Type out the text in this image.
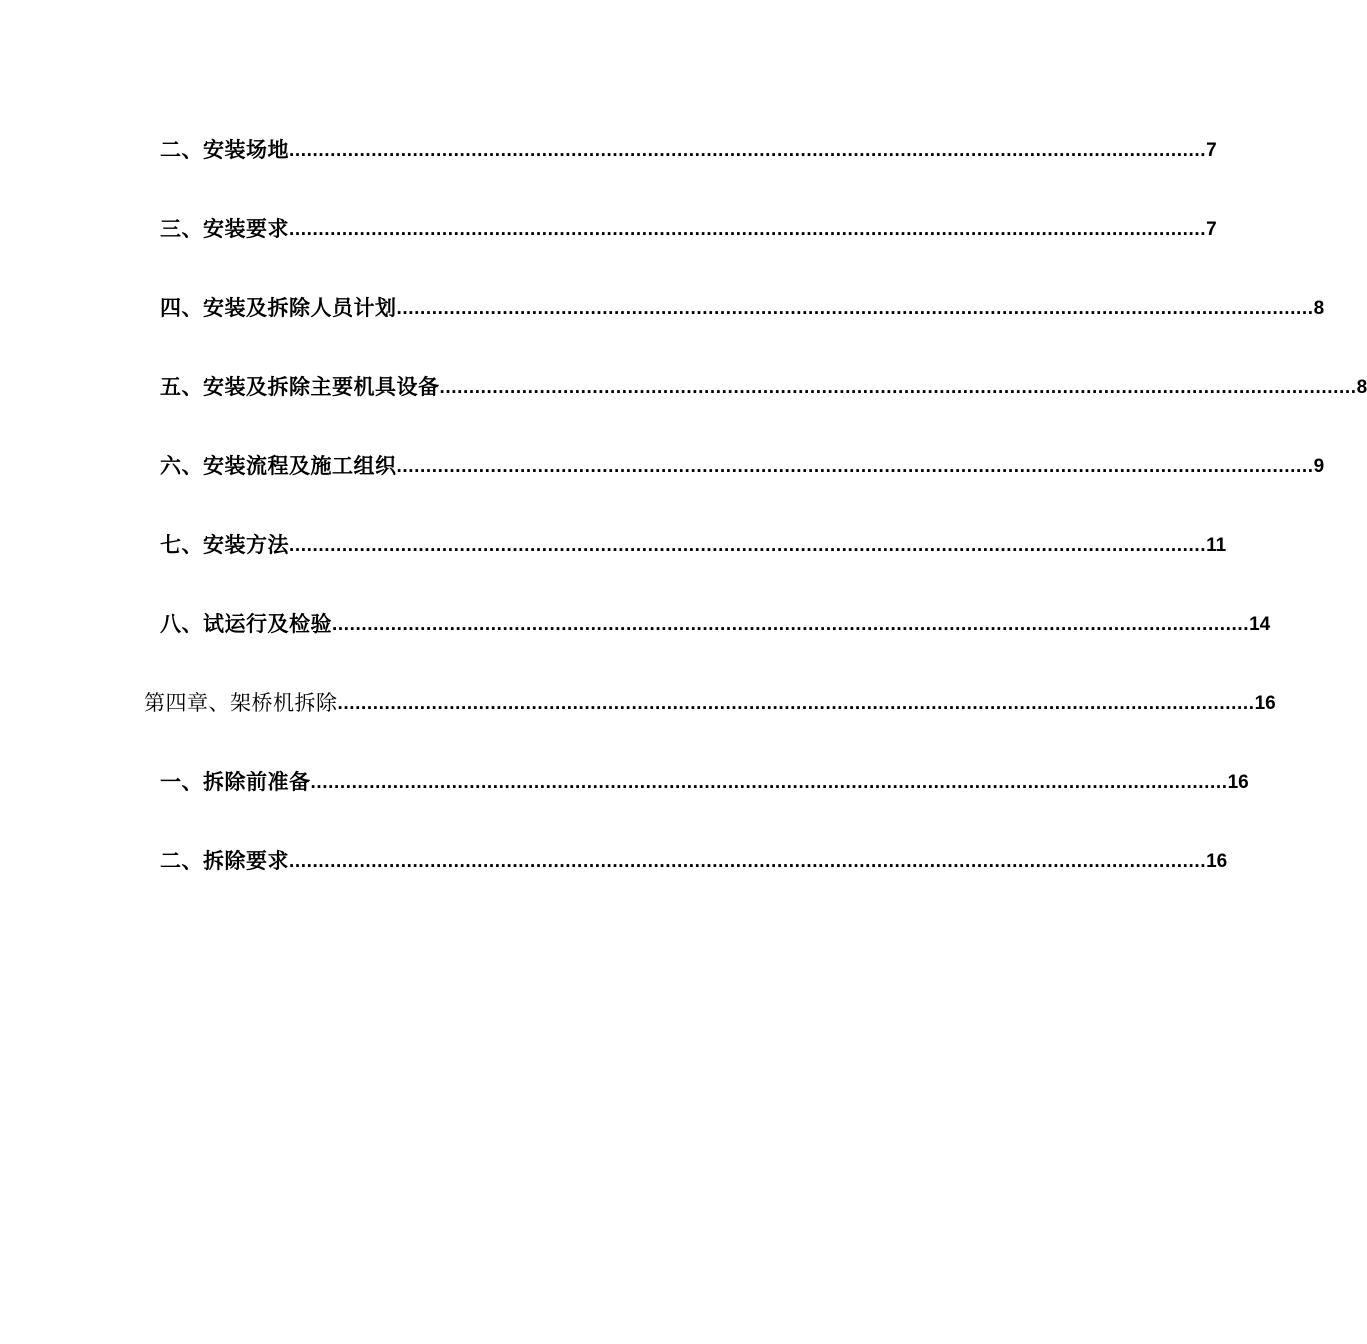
二、安装场地 ............................................................................................................................................................ 7
三、安装要求 ............................................................................................................................................................ 7
四、安装及拆除人员计划 ............................................................................................................................................................ 8
五、安装及拆除主要机具设备 ............................................................................................................................................................ 8
六、安装流程及施工组织 ............................................................................................................................................................ 9
七、安装方法 ............................................................................................................................................................ 11
八、试运行及检验 ............................................................................................................................................................ 14
第四章、架桥机拆除 ............................................................................................................................................................ 16
一、拆除前准备 ............................................................................................................................................................ 16
二、拆除要求 ............................................................................................................................................................ 16
